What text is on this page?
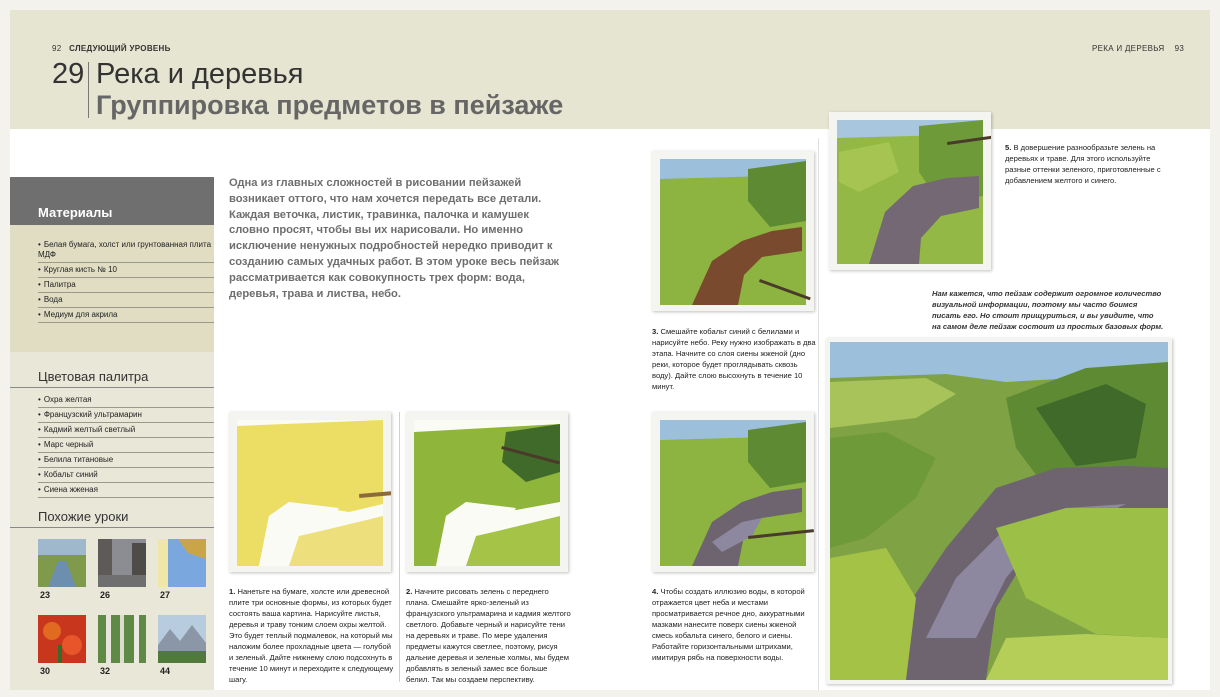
92 СЛЕДУЮЩИЙ УРОВЕНЬ	РЕКА И ДЕРЕВЬЯ 93
29 Река и деревья
Группировка предметов в пейзаже
Материалы
• Белая бумага, холст или грунтованная плита МДФ
• Круглая кисть № 10
• Палитра
• Вода
• Медиум для акрила
Цветовая палитра
• Охра желтая
• Французский ультрамарин
• Кадмий желтый светлый
• Марс черный
• Белила титановые
• Кобальт синий
• Сиена жженая
Похожие уроки
23	26	27
30	32	44
Одна из главных сложностей в рисовании пейзажей возникает оттого, что нам хочется передать все детали. Каждая веточка, листик, травинка, палочка и камушек словно просят, чтобы вы их нарисовали. Но именно исключение ненужных подробностей нередко приводит к созданию самых удачных работ. В этом уроке весь пейзаж рассматривается как совокупность трех форм: вода, деревья, трава и листва, небо.
1. Нанетьте на бумаге, холсте или древесной плите три основные формы, из которых будет состоять ваша картина. Нарисуйте листья, деревья и траву тонким слоем охры желтой. Это будет теплый подмалевок, на который мы наложим более прохладные цвета — голубой и зеленый. Дайте нижнему слою подсохнуть в течение 10 минут и переходите к следующему шагу.
2. Начните рисовать зелень с переднего плана. Смешайте ярко-зеленый из французского ультрамарина и кадмия желтого светлого. Добавьте черный и нарисуйте тени на деревьях и траве. По мере удаления предметы кажутся светлее, поэтому, рисуя дальние деревья и зеленые холмы, мы будем добавлять в зеленый замес все больше белил. Так мы создаем перспективу.
3. Смешайте кобальт синий с белилами и нарисуйте небо. Реку нужно изображать в два этапа. Начните со слоя сиены жженой (дно реки, которое будет проглядывать сквозь воду). Дайте слою высохнуть в течение 10 минут.
4. Чтобы создать иллюзию воды, в которой отражается цвет неба и местами просматривается речное дно, аккуратными мазками нанесите поверх сиены жженой смесь кобальта синего, белого и сиены. Работайте горизонтальными штрихами, имитируя рябь на поверхности воды.
5. В довершение разнообразьте зелень на деревьях и траве. Для этого используйте разные оттенки зеленого, приготовленные с добавлением желтого и синего.
Нам кажется, что пейзаж содержит огромное количество визуальной информации, поэтому мы часто боимся писать его. Но стоит прищуриться, и вы увидите, что на самом деле пейзаж состоит из простых базовых форм.
